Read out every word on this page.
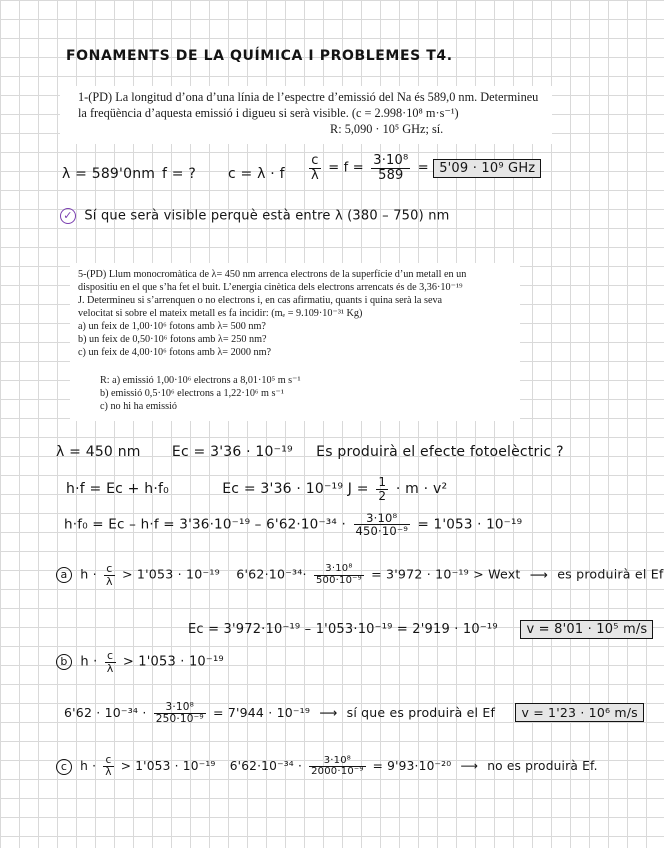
FONAMENTS DE LA QUÍMICA I PROBLEMES T4.
1-(PD) La longitud d’ona d’una línia de l’espectre d’emissió del Na és 589,0 nm. Determineu
la freqüència d’aquesta emissió i digueu si serà visible. (c = 2.998·10⁸ m·s⁻¹)
R: 5,090 · 10⁵ GHz; sí.
λ = 589'0nm f = ? c = λ · f $\frac{c}{\lambda} = f = \frac{\text{3·10⁸}}{589} = 5'09 \cdot 10^9$ GHz
✓ Sí que serà visible perquè està entre λ (380 – 750) nm
5-(PD) Llum monocromàtica de λ= 450 nm arrenca electrons de la superfície d’un metall en un
dispositiu en el que s’ha fet el buit. L’energia cinètica dels electrons arrencats és de 3,36·10⁻¹⁹
J. Determineu si s’arrenquen o no electrons i, en cas afirmatiu, quants i quina serà la seva
velocitat si sobre el mateix metall es fa incidir: (mₑ = 9.109·10⁻³¹ Kg)
a) un feix de 1,00·10⁶ fotons amb λ= 500 nm?
b) un feix de 0,50·10⁶ fotons amb λ= 250 nm?
c) un feix de 4,00·10⁶ fotons amb λ= 2000 nm?
R: a) emissió 1,00·10⁶ electrons a 8,01·10⁵ m s⁻¹
b) emissió 0,5·10⁶ electrons a 1,22·10⁶ m s⁻¹
c) no hi ha emissió
λ = 450 nm Eᴄ = 3'36 · 10⁻¹⁹ Es produirà el efecte fotoelèctric ?
h·f = Eᴄ + h·f₀	Eᴄ = 3'36 · 10⁻¹⁹ $J = \frac{1}{2} \cdot m \cdot v^2$
h·f₀ = Eᴄ – $h\cdot f = 3'36\cdot 10^{-19} - 6'62\cdot 10^{-34} \cdot \frac{\text{3·10⁸}}{\text{450·10⁻⁹}} = 1'053 \cdot 10^{-19}$
a $h \cdot \frac{c}{\lambda} > 1'053 \cdot 10^{-19}$ $6'62\cdot 10^{-34}\cdot \frac{\text{3·10⁸}}{\text{500·10⁻⁹}} = 3'972 \cdot 10^{-19}$ > Wext ⟶ es produirà el Ef
Eᴄ = 3'972·10⁻¹⁹ – 1'053·10⁻¹⁹ = 2'919 · 10⁻¹⁹ v = 8'01 · 10⁵ m/s
b $h \cdot \frac{c}{\lambda} > 1'053 \cdot 10^{-19}$
$6'62 \cdot 10^{-34} \cdot \frac{\text{3·10⁸}}{\text{250·10⁻⁹}} = 7'944 \cdot 10^{-19}$ ⟶ sí que es produirà el Ef v = 1'23 · 10⁶ m/s
c $h \cdot \frac{c}{\lambda} > 1'053 \cdot 10^{-19}$ $6'62\cdot 10^{-34} \cdot \frac{\text{3·10⁸}}{\text{2000·10⁻⁹}} = 9'93\cdot 10^{-20}$ ⟶ no es produirà Ef.
